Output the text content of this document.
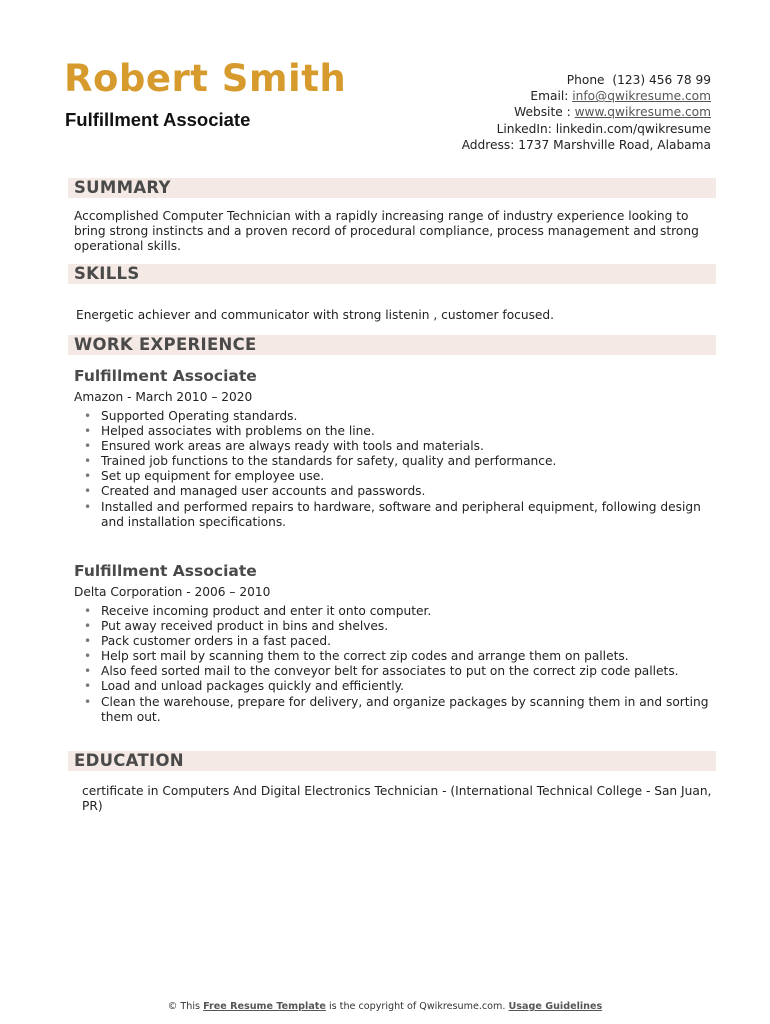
Robert Smith
Fulfillment Associate
Phone (123) 456 78 99
Email: info@qwikresume.com
Website : www.qwikresume.com
LinkedIn: linkedin.com/qwikresume
Address: 1737 Marshville Road, Alabama
SUMMARY
Accomplished Computer Technician with a rapidly increasing range of industry experience looking to bring strong instincts and a proven record of procedural compliance, process management and strong operational skills.
SKILLS
Energetic achiever and communicator with strong listenin , customer focused.
WORK EXPERIENCE
Fulfillment Associate
Amazon - March 2010 – 2020
• Supported Operating standards.
• Helped associates with problems on the line.
• Ensured work areas are always ready with tools and materials.
• Trained job functions to the standards for safety, quality and performance.
• Set up equipment for employee use.
• Created and managed user accounts and passwords.
• Installed and performed repairs to hardware, software and peripheral equipment, following design and installation specifications.
Fulfillment Associate
Delta Corporation - 2006 – 2010
• Receive incoming product and enter it onto computer.
• Put away received product in bins and shelves.
• Pack customer orders in a fast paced.
• Help sort mail by scanning them to the correct zip codes and arrange them on pallets.
• Also feed sorted mail to the conveyor belt for associates to put on the correct zip code pallets.
• Load and unload packages quickly and efficiently.
• Clean the warehouse, prepare for delivery, and organize packages by scanning them in and sorting them out.
EDUCATION
certificate in Computers And Digital Electronics Technician - (International Technical College - San Juan, PR)
© This Free Resume Template is the copyright of Qwikresume.com. Usage Guidelines
